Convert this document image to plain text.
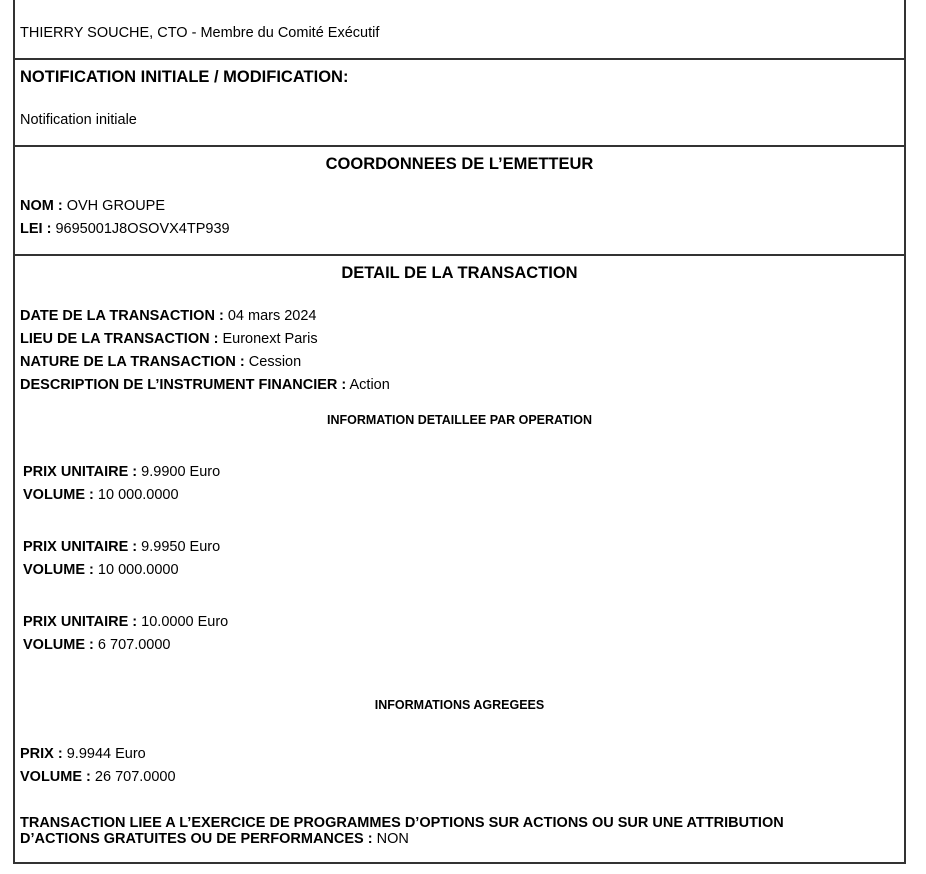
THIERRY SOUCHE, CTO - Membre du Comité Exécutif
NOTIFICATION INITIALE / MODIFICATION:
Notification initiale
COORDONNEES DE L’EMETTEUR
NOM : OVH GROUPE
LEI : 9695001J8OSOVX4TP939
DETAIL DE LA TRANSACTION
DATE DE LA TRANSACTION : 04 mars 2024
LIEU DE LA TRANSACTION : Euronext Paris
NATURE DE LA TRANSACTION : Cession
DESCRIPTION DE L’INSTRUMENT FINANCIER : Action
INFORMATION DETAILLEE PAR OPERATION
PRIX UNITAIRE : 9.9900 Euro
VOLUME : 10 000.0000
PRIX UNITAIRE : 9.9950 Euro
VOLUME : 10 000.0000
PRIX UNITAIRE : 10.0000 Euro
VOLUME : 6 707.0000
INFORMATIONS AGREGEES
PRIX : 9.9944 Euro
VOLUME : 26 707.0000
TRANSACTION LIEE A L’EXERCICE DE PROGRAMMES D’OPTIONS SUR ACTIONS OU SUR UNE ATTRIBUTION D’ACTIONS GRATUITES OU DE PERFORMANCES : NON
